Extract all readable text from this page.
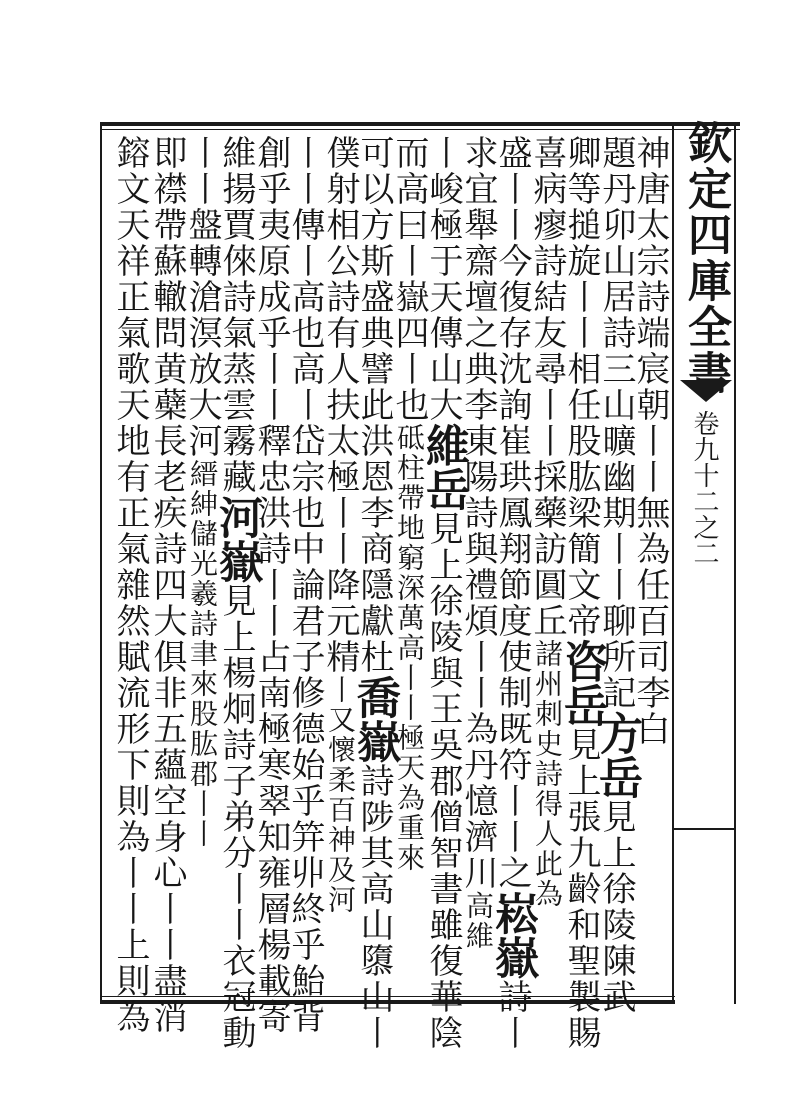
欽定四庫全書
卷九十二之二
神唐太宗詩端宸朝丨丨無為任百司李白
題丹卯山居詩三山曠幽期丨丨聊所記方岳見上徐陵陳武
卿等搥旋丨丨相任股肱梁簡文帝咨岳見上張九齡和聖製賜
喜病瘳詩結友尋丨丨採藥訪圓丘諸州刺史詩得人此為
盛丨丨今復存沈詢崔珙鳳翔節度使制既符丨丨之崧嶽詩丨
求宜舉齋壇之典李東陽詩與禮煩丨丨為丹憶濟川高維
丨峻極于天傳山大維岳見上徐陵與王吳郡僧智書雖復華陰
而高曰丨嶽四丨也砥柱帶地窮深萬高丨丨極天為重來
可以方斯盛典譬此洪恩李商隱獻杜喬嶽詩陟其高山隳山丨
僕射相公詩有人扶太極丨丨降元精丨又懷柔百神及河
丨丨傳丨高也高丨岱宗也中論君子修德始乎笄丱終乎鮐背
創乎夷原成乎丨丨釋忠洪詩丨丨占南極寒翠知雍層楊載寄
維揚賈倈詩氣蒸雲霧藏河嶽見上楊炯詩子弟分丨丨衣冠動
丨丨盤轉滄溟放大河縉紳儲光羲詩聿來股肱郡丨丨
即襟帶蘇轍問黄蘗長老疾詩四大俱非五蘊空身心丨丨盡消
鎔文天祥正氣歌天地有正氣雜然賦流形下則為丨丨上則為
